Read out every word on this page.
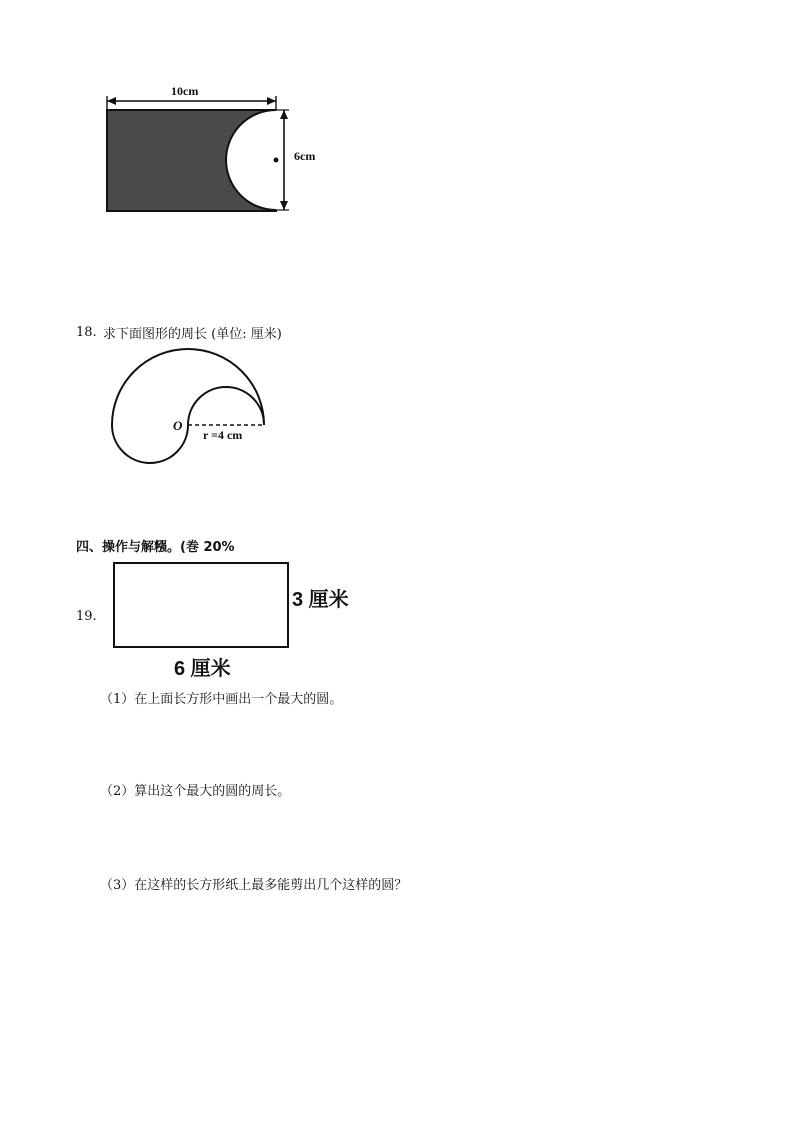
10cm
6cm
18. 求下面图形的周长 (单位: 厘米)
O
r =4 cm
四、操作与解糨。(巻 20%
19.
3 厘米
6 厘米
（1）在上面长方形中画出一个最大的圆。
（2）算出这个最大的圆的周长。
（3）在这样的长方形纸上最多能剪出几个这样的圆？
